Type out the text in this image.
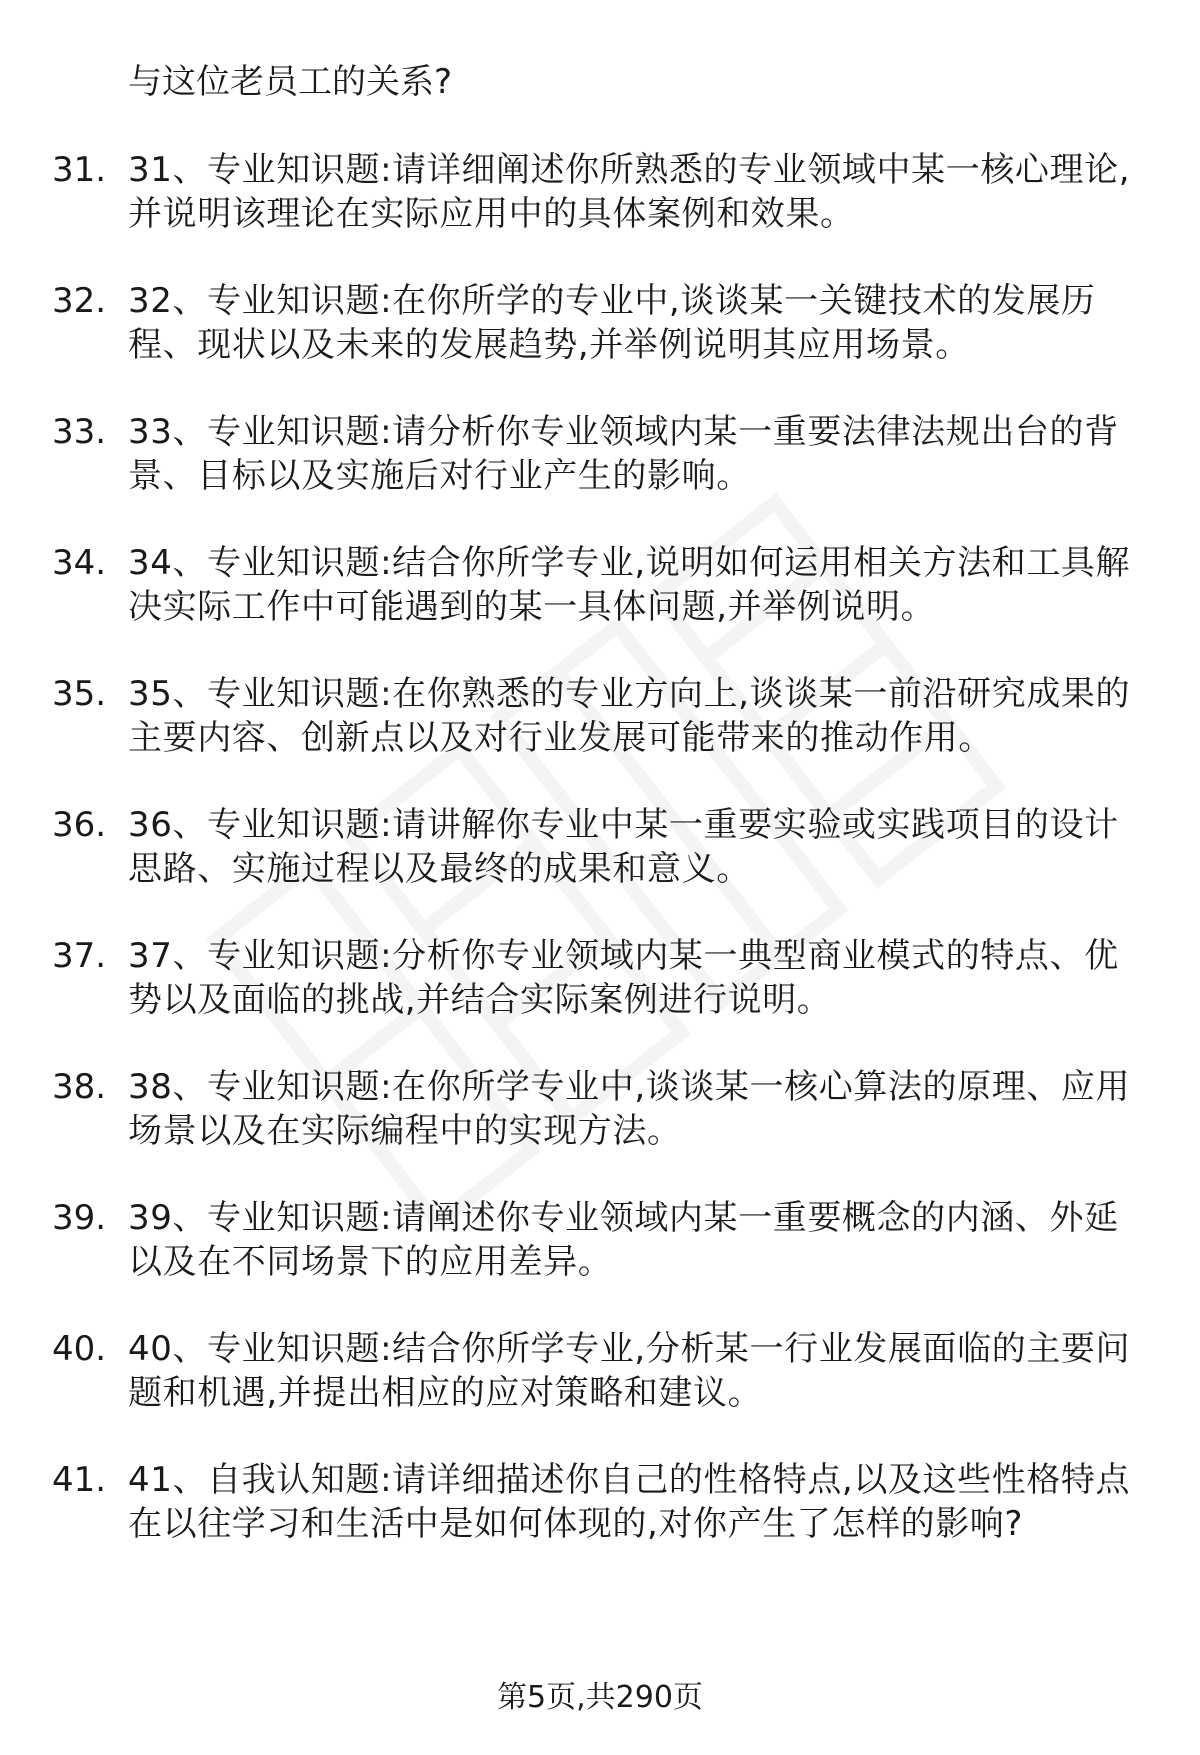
与这位老员工的关系?
31. 31、专业知识题:请详细阐述你所熟悉的专业领域中某一核心理论,并说明该理论在实际应用中的具体案例和效果。
32. 32、专业知识题:在你所学的专业中,谈谈某一关键技术的发展历程、现状以及未来的发展趋势,并举例说明其应用场景。
33. 33、专业知识题:请分析你专业领域内某一重要法律法规出台的背景、目标以及实施后对行业产生的影响。
34. 34、专业知识题:结合你所学专业,说明如何运用相关方法和工具解决实际工作中可能遇到的某一具体问题,并举例说明。
35. 35、专业知识题:在你熟悉的专业方向上,谈谈某一前沿研究成果的主要内容、创新点以及对行业发展可能带来的推动作用。
36. 36、专业知识题:请讲解你专业中某一重要实验或实践项目的设计思路、实施过程以及最终的成果和意义。
37. 37、专业知识题:分析你专业领域内某一典型商业模式的特点、优势以及面临的挑战,并结合实际案例进行说明。
38. 38、专业知识题:在你所学专业中,谈谈某一核心算法的原理、应用场景以及在实际编程中的实现方法。
39. 39、专业知识题:请阐述你专业领域内某一重要概念的内涵、外延以及在不同场景下的应用差异。
40. 40、专业知识题:结合你所学专业,分析某一行业发展面临的主要问题和机遇,并提出相应的应对策略和建议。
41. 41、自我认知题:请详细描述你自己的性格特点,以及这些性格特点在以往学习和生活中是如何体现的,对你产生了怎样的影响?
第5页,共290页
